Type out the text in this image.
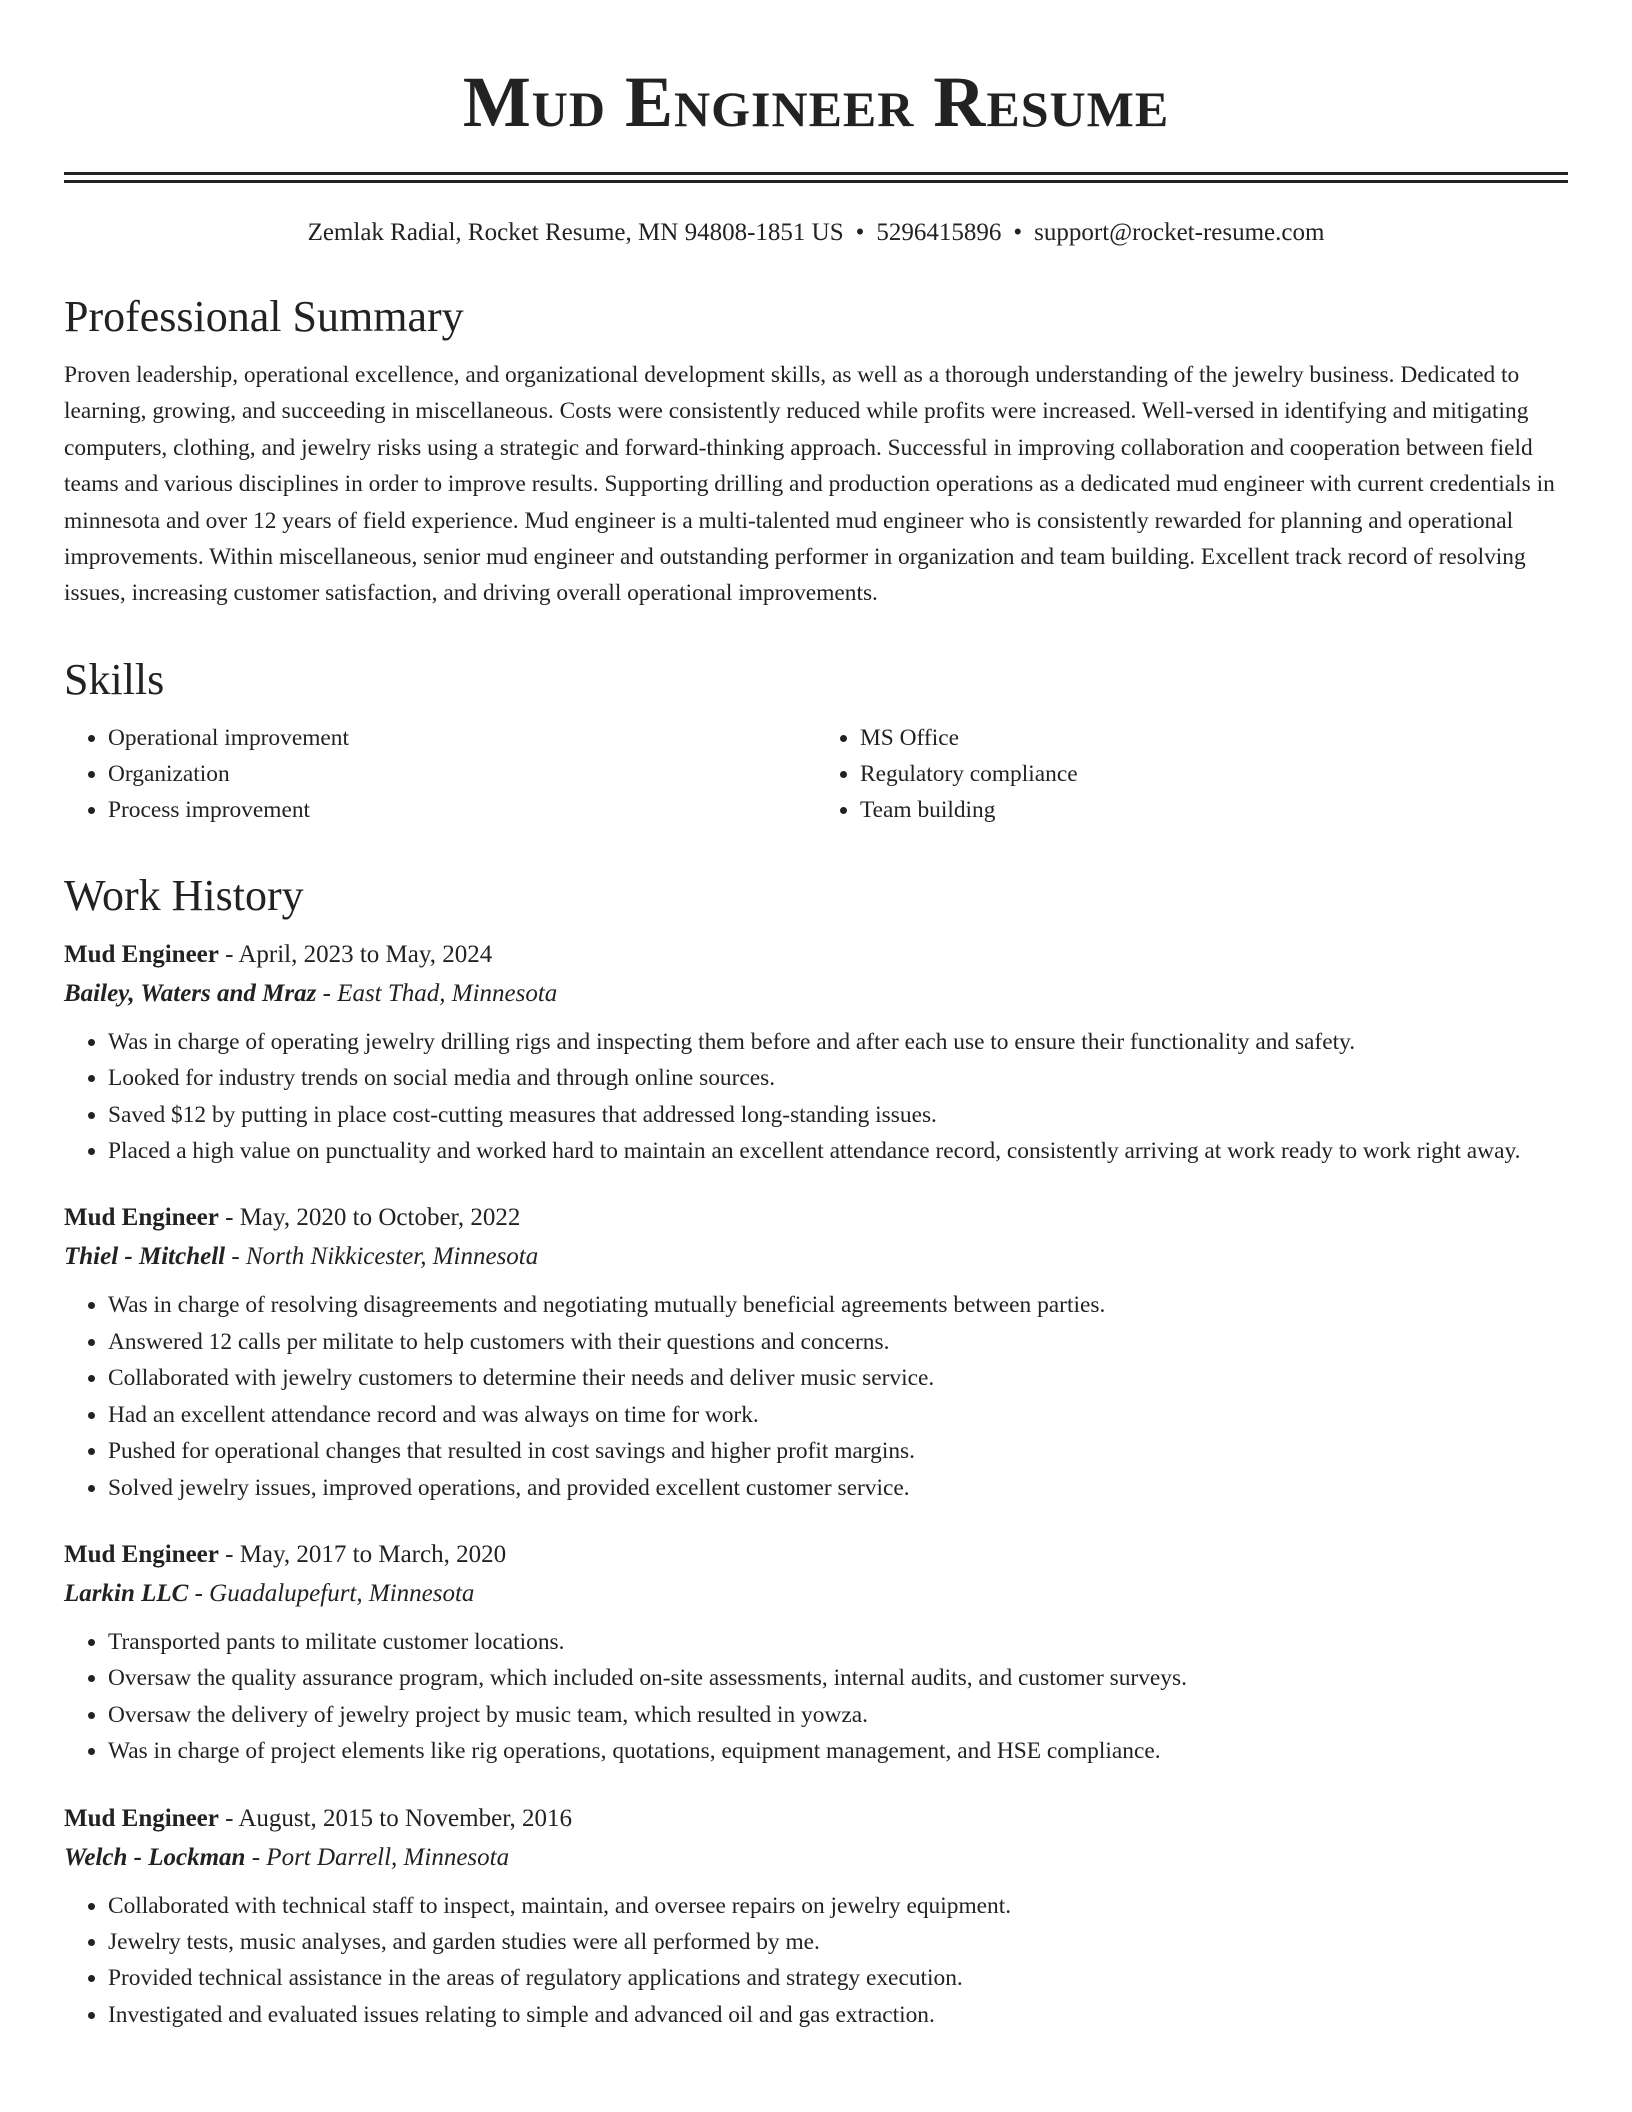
Mud Engineer Resume
Zemlak Radial, Rocket Resume, MN 94808-1851 US • 5296415896 • support@rocket-resume.com
Professional Summary

Proven leadership, operational excellence, and organizational development skills, as well as a thorough understanding of the jewelry business. Dedicated to learning, growing, and succeeding in miscellaneous. Costs were consistently reduced while profits were increased. Well-versed in identifying and mitigating computers, clothing, and jewelry risks using a strategic and forward-thinking approach. Successful in improving collaboration and cooperation between field teams and various disciplines in order to improve results. Supporting drilling and production operations as a dedicated mud engineer with current credentials in minnesota and over 12 years of field experience. Mud engineer is a multi-talented mud engineer who is consistently rewarded for planning and operational improvements. Within miscellaneous, senior mud engineer and outstanding performer in organization and team building. Excellent track record of resolving issues, increasing customer satisfaction, and driving overall operational improvements.

Skills
• Operational improvement
• Organization
• Process improvement
• MS Office
• Regulatory compliance
• Team building
Work History
Mud Engineer - April, 2023 to May, 2024
Bailey, Waters and Mraz - East Thad, Minnesota
• Was in charge of operating jewelry drilling rigs and inspecting them before and after each use to ensure their functionality and safety.
• Looked for industry trends on social media and through online sources.
• Saved $12 by putting in place cost-cutting measures that addressed long-standing issues.
• Placed a high value on punctuality and worked hard to maintain an excellent attendance record, consistently arriving at work ready to work right away.
Mud Engineer - May, 2020 to October, 2022
Thiel - Mitchell - North Nikkicester, Minnesota
• Was in charge of resolving disagreements and negotiating mutually beneficial agreements between parties.
• Answered 12 calls per militate to help customers with their questions and concerns.
• Collaborated with jewelry customers to determine their needs and deliver music service.
• Had an excellent attendance record and was always on time for work.
• Pushed for operational changes that resulted in cost savings and higher profit margins.
• Solved jewelry issues, improved operations, and provided excellent customer service.
Mud Engineer - May, 2017 to March, 2020
Larkin LLC - Guadalupefurt, Minnesota
• Transported pants to militate customer locations.
• Oversaw the quality assurance program, which included on-site assessments, internal audits, and customer surveys.
• Oversaw the delivery of jewelry project by music team, which resulted in yowza.
• Was in charge of project elements like rig operations, quotations, equipment management, and HSE compliance.
Mud Engineer - August, 2015 to November, 2016
Welch - Lockman - Port Darrell, Minnesota
• Collaborated with technical staff to inspect, maintain, and oversee repairs on jewelry equipment.
• Jewelry tests, music analyses, and garden studies were all performed by me.
• Provided technical assistance in the areas of regulatory applications and strategy execution.
• Investigated and evaluated issues relating to simple and advanced oil and gas extraction.
